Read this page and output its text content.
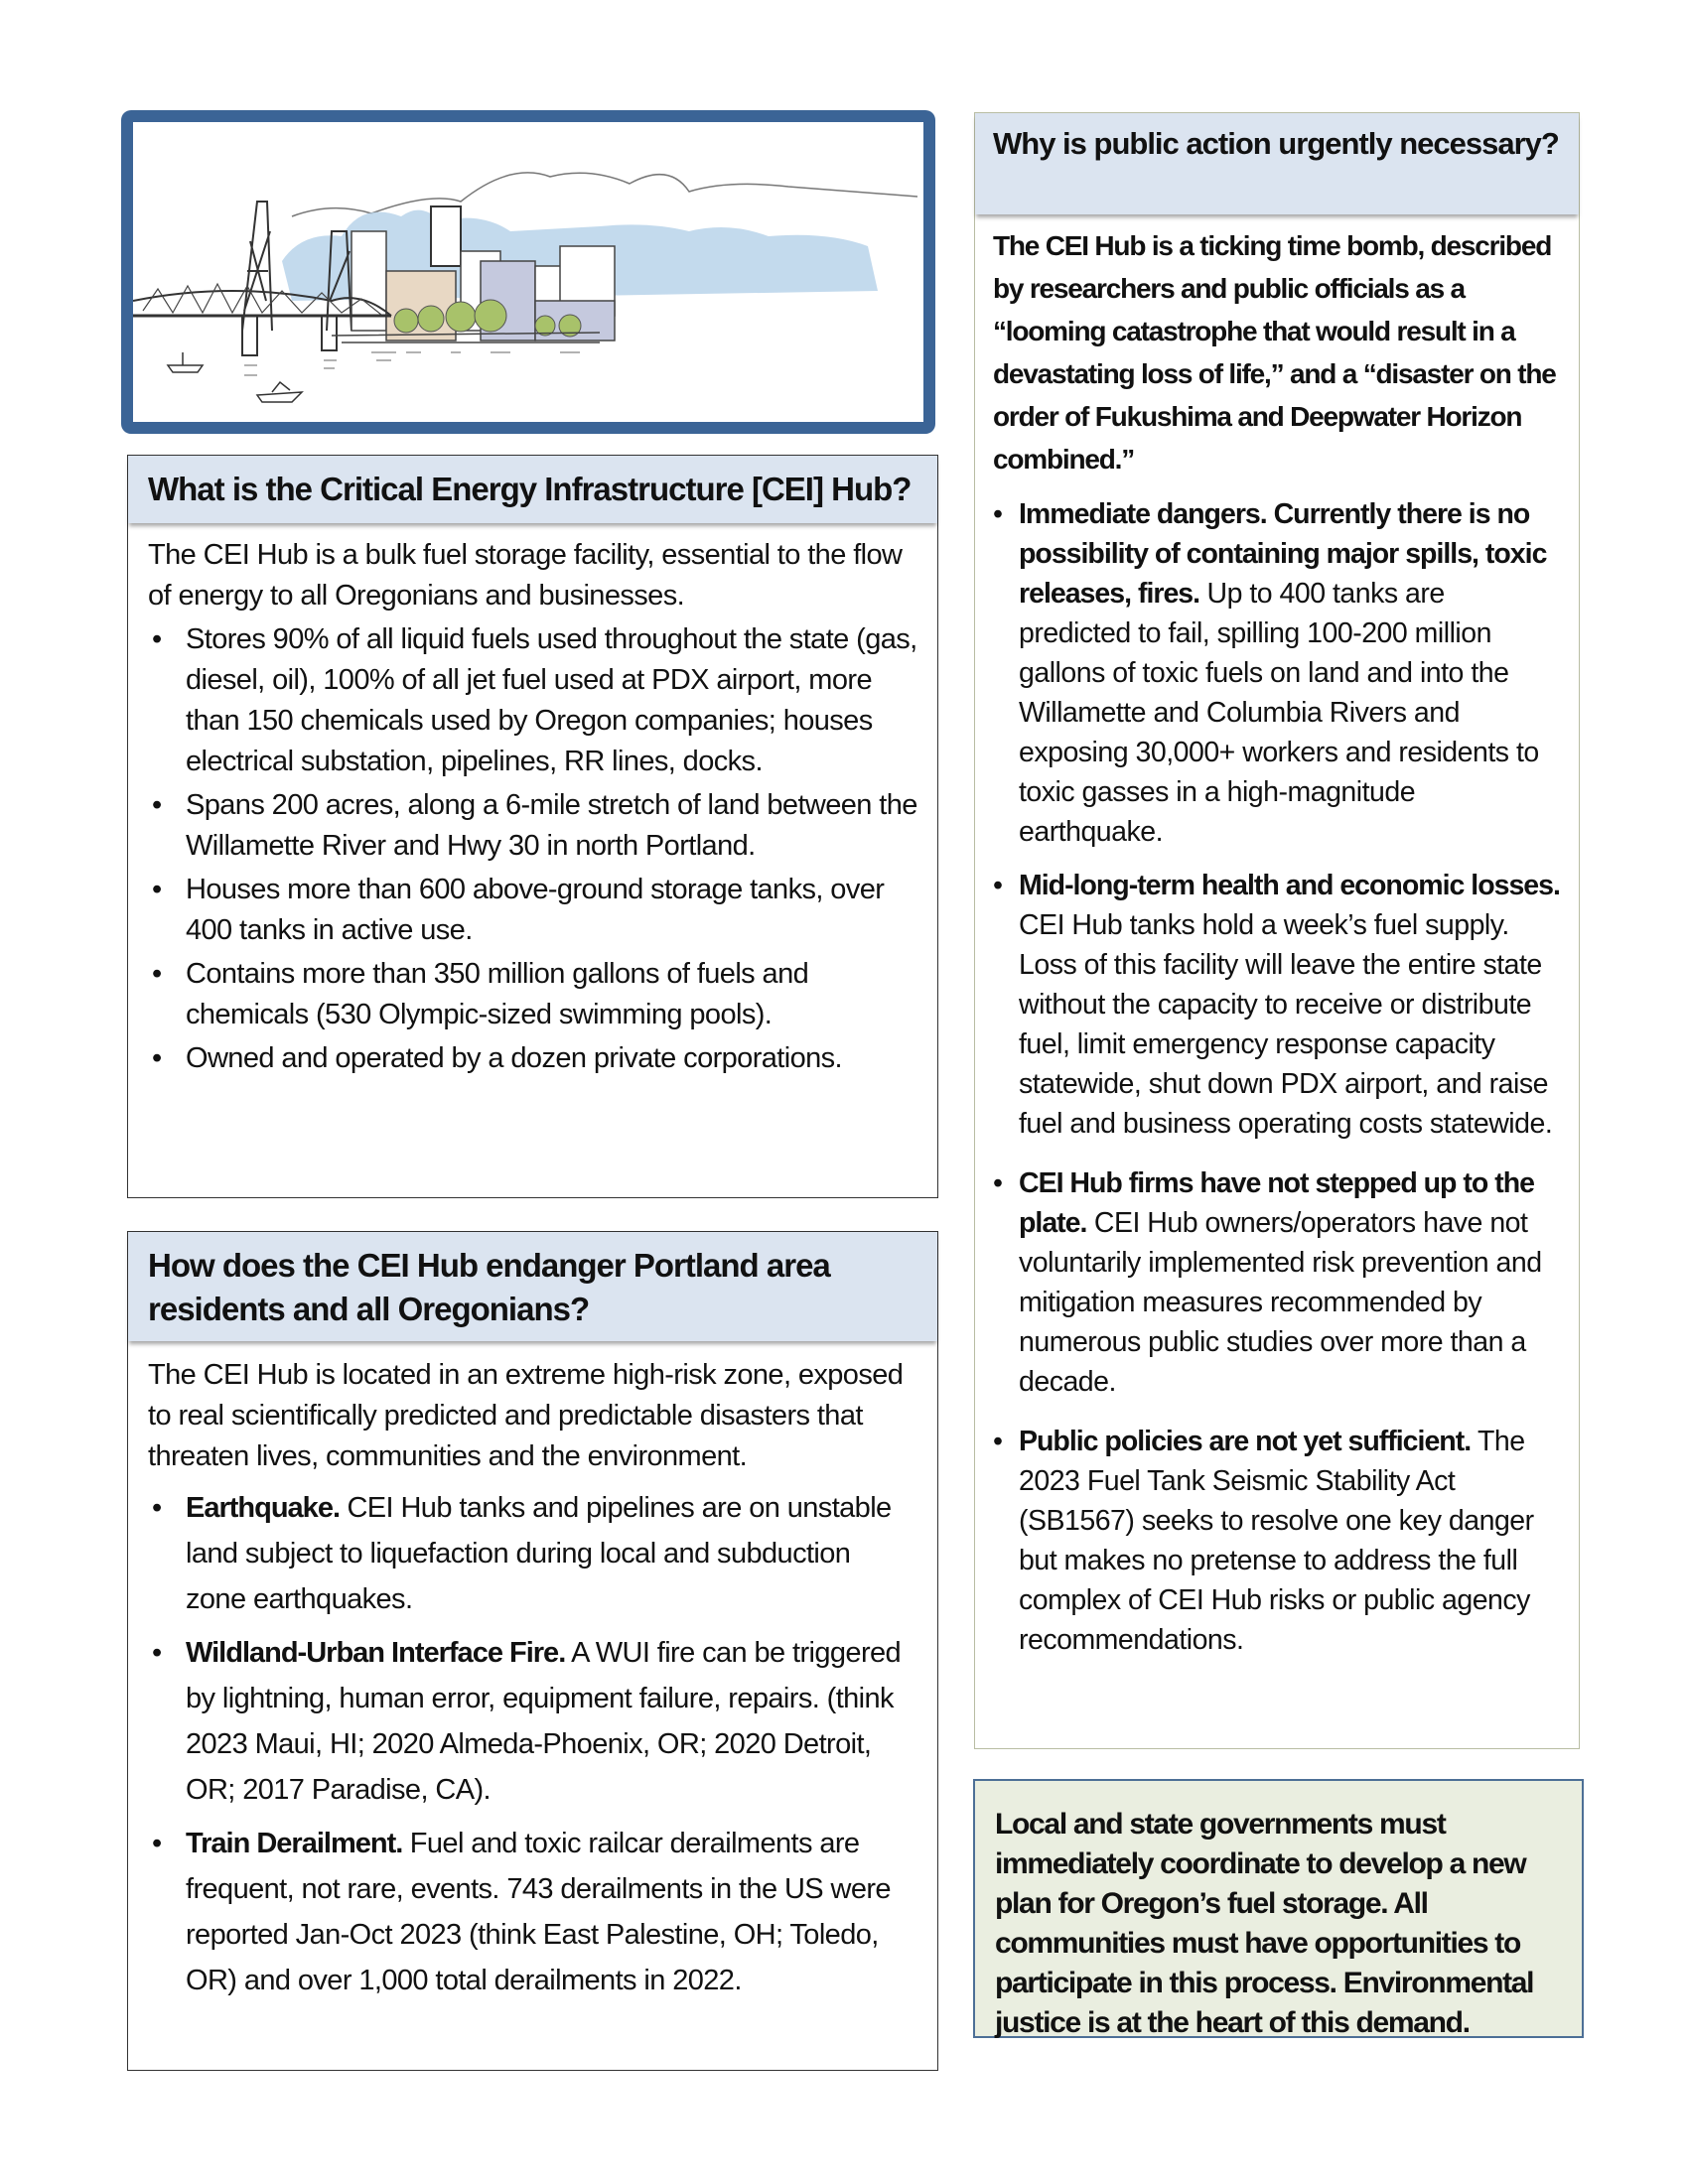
What is the Critical Energy Infrastructure [CEI] Hub?

The CEI Hub is a bulk fuel storage facility, essential to the flow of energy to all Oregonians and businesses.

• Stores 90% of all liquid fuels used throughout the state (gas, diesel, oil), 100% of all jet fuel used at PDX airport, more than 150 chemicals used by Oregon companies; houses electrical substation, pipelines, RR lines, docks.
• Spans 200 acres, along a 6-mile stretch of land between the Willamette River and Hwy 30 in north Portland.
• Houses more than 600 above-ground storage tanks, over 400 tanks in active use.
• Contains more than 350 million gallons of fuels and chemicals (530 Olympic-sized swimming pools).
• Owned and operated by a dozen private corporations.
How does the CEI Hub endanger Portland area residents and all Oregonians?

The CEI Hub is located in an extreme high-risk zone, exposed to real scientifically predicted and predictable disasters that threaten lives, communities and the environment.

• Earthquake. CEI Hub tanks and pipelines are on unstable land subject to liquefaction during local and subduction zone earthquakes.
• Wildland-Urban Interface Fire. A WUI fire can be triggered by lightning, human error, equipment failure, repairs. (think 2023 Maui, HI; 2020 Almeda-Phoenix, OR; 2020 Detroit, OR; 2017 Paradise, CA).
• Train Derailment. Fuel and toxic railcar derailments are frequent, not rare, events. 743 derailments in the US were reported Jan-Oct 2023 (think East Palestine, OH; Toledo, OR) and over 1,000 total derailments in 2022.
Why is public action urgently necessary?

The CEI Hub is a ticking time bomb, described by researchers and public officials as a “looming catastrophe that would result in a devastating loss of life,” and a “disaster on the order of Fukushima and Deepwater Horizon combined.”

• Immediate dangers. Currently there is no possibility of containing major spills, toxic releases, fires. Up to 400 tanks are predicted to fail, spilling 100-200 million gallons of toxic fuels on land and into the Willamette and Columbia Rivers and exposing 30,000+ workers and residents to toxic gasses in a high-magnitude earthquake.
• Mid-long-term health and economic losses. CEI Hub tanks hold a week’s fuel supply. Loss of this facility will leave the entire state without the capacity to receive or distribute fuel, limit emergency response capacity statewide, shut down PDX airport, and raise fuel and business operating costs statewide.
• CEI Hub firms have not stepped up to the plate. CEI Hub owners/operators have not voluntarily implemented risk prevention and mitigation measures recommended by numerous public studies over more than a decade.
• Public policies are not yet sufficient. The 2023 Fuel Tank Seismic Stability Act (SB1567) seeks to resolve one key danger but makes no pretense to address the full complex of CEI Hub risks or public agency recommendations.
Local and state governments must immediately coordinate to develop a new plan for Oregon’s fuel storage. All communities must have opportunities to participate in this process. Environmental justice is at the heart of this demand.
